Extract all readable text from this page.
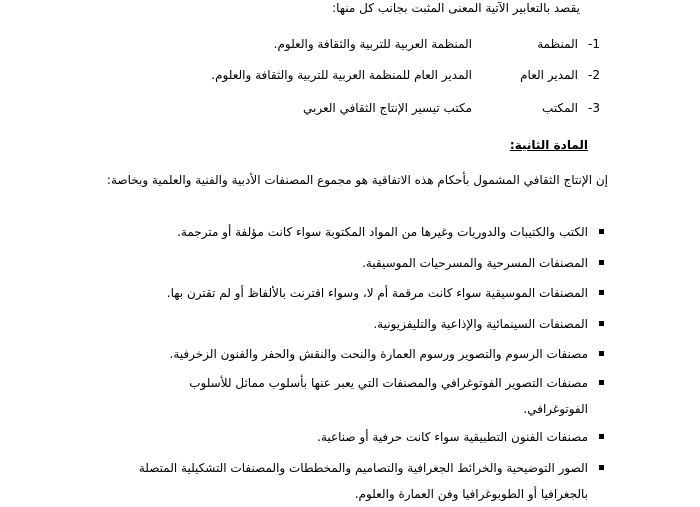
يقصد بالتعابير الآتية المعنى المثبت بجانب كل منها:
1-
المنظمة
المنظمة العربية للتربية والثقافة والعلوم.
2-
المدير العام
المدير العام للمنظمة العربية للتربية والثقافة والعلوم.
3-
المكتب
مكتب تيسير الإنتاج الثقافي العربي
المادة الثانية:
إن الإنتاج الثقافي المشمول بأحكام هذه الاتفاقية هو مجموع المصنفات الأدبية والفنية والعلمية وبخاصة:
الكتب والكتيبات والدوريات وغيرها من المواد المكتوبة سواء كانت مؤلفة أو مترجمة.
المصنفات المسرحية والمسرحيات الموسيقية.
المصنفات الموسيقية سواء كانت مرقمة أم لا، وسواء اقترنت بالألفاظ أو لم تقترن بها.
المصنفات السينمائية والإذاعية والتليفزيونية.
مصنفات الرسوم والتصوير ورسوم العمارة والنحت والنقش والحفر والفنون الزخرفية.
مصنفات التصوير الفوتوغرافي والمصنفات التي يعبر عنها بأسلوب مماثل للأسلوب الفوتوغرافي.
مصنفات الفنون التطبيقية سواء كانت حرفية أو صناعية.
الصور التوضيحية والخرائط الجغرافية والتصاميم والمخططات والمصنفات التشكيلية المتصلة بالجغرافيا أو الطوبوغرافيا وفن العمارة والعلوم.
